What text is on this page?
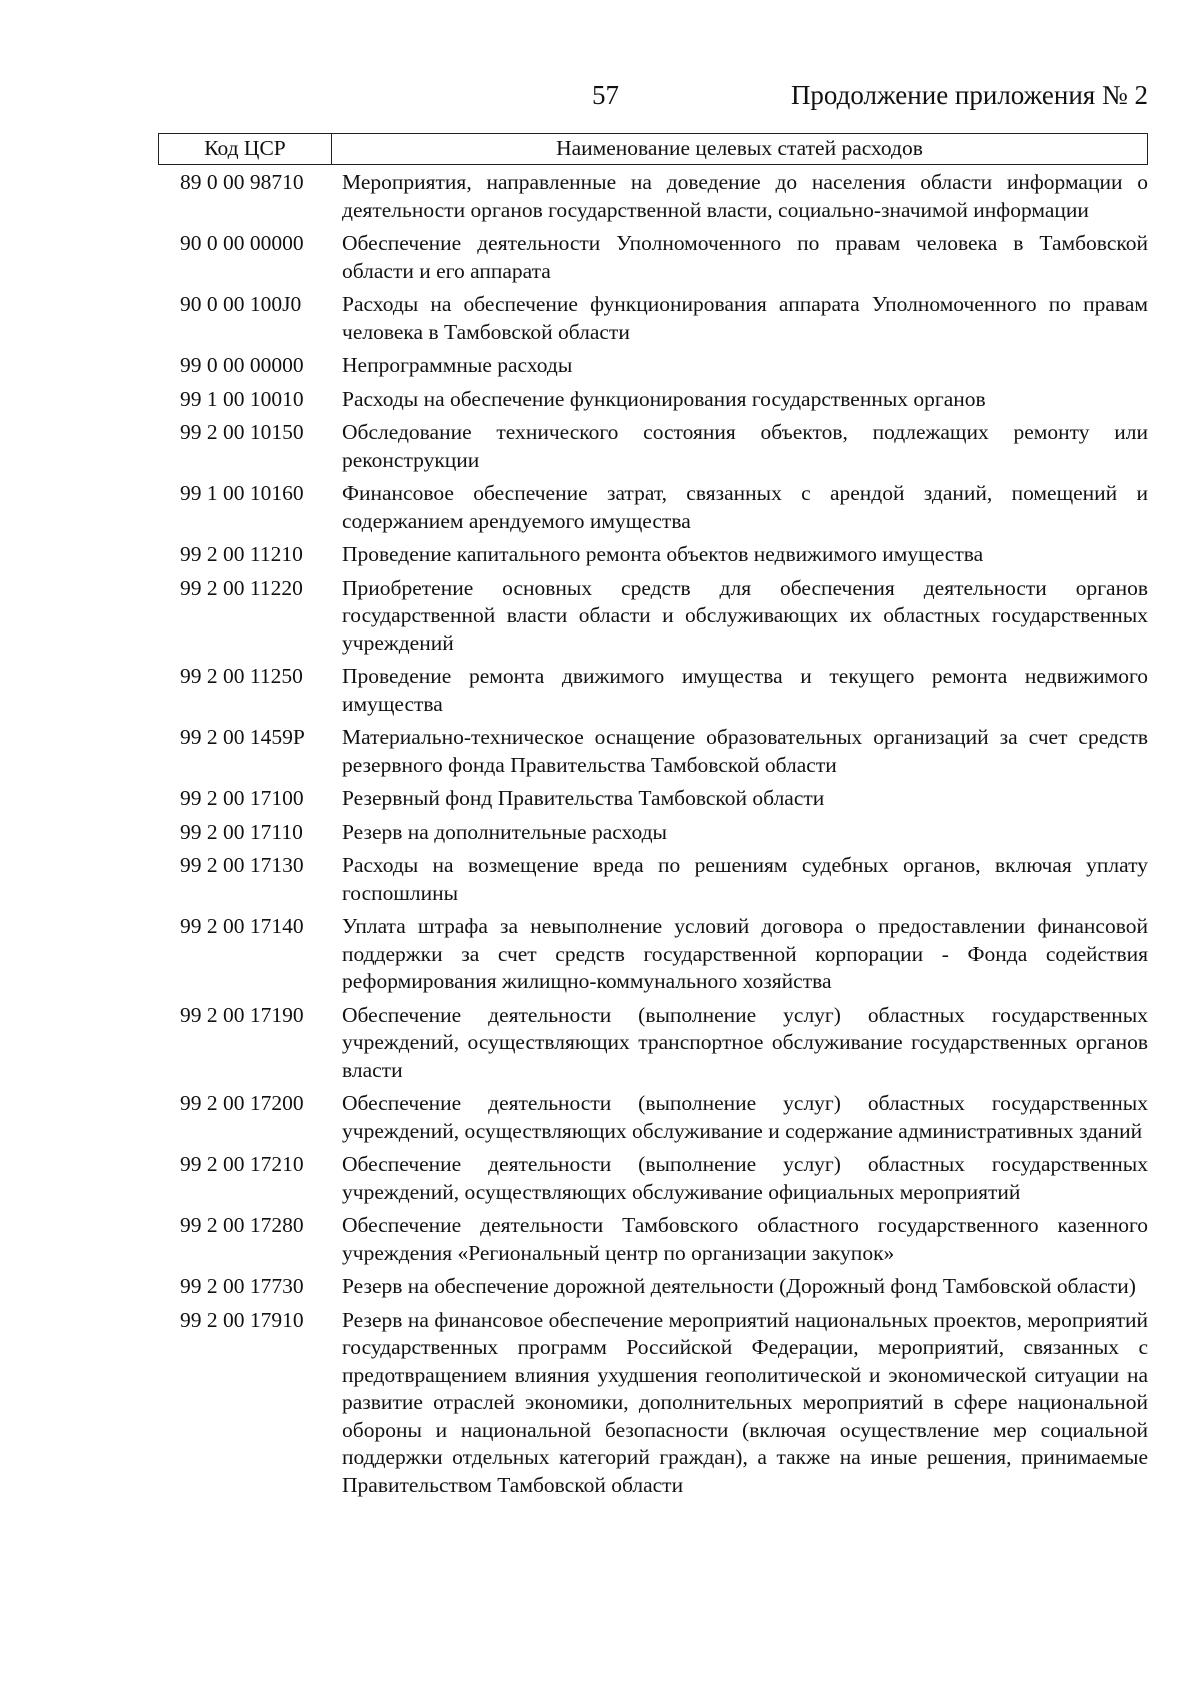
57	Продолжение приложения № 2
Код ЦСР	Наименование целевых статей расходов
89 0 00 98710	Мероприятия, направленные на доведение до населения области информации о деятельности органов государственной власти, социально-значимой информации
90 0 00 00000	Обеспечение деятельности Уполномоченного по правам человека в Тамбовской области и его аппарата
90 0 00 100J0	Расходы на обеспечение функционирования аппарата Уполномоченного по правам человека в Тамбовской области
99 0 00 00000	Непрограммные расходы
99 1 00 10010	Расходы на обеспечение функционирования государственных органов
99 2 00 10150	Обследование технического состояния объектов, подлежащих ремонту или реконструкции
99 1 00 10160	Финансовое обеспечение затрат, связанных с арендой зданий, помещений и содержанием арендуемого имущества
99 2 00 11210	Проведение капитального ремонта объектов недвижимого имущества
99 2 00 11220	Приобретение основных средств для обеспечения деятельности органов государственной власти области и обслуживающих их областных государственных учреждений
99 2 00 11250	Проведение ремонта движимого имущества и текущего ремонта недвижимого имущества
99 2 00 1459P	Материально-техническое оснащение образовательных организаций за счет средств резервного фонда Правительства Тамбовской области
99 2 00 17100	Резервный фонд Правительства Тамбовской области
99 2 00 17110	Резерв на дополнительные расходы
99 2 00 17130	Расходы на возмещение вреда по решениям судебных органов, включая уплату госпошлины
99 2 00 17140	Уплата штрафа за невыполнение условий договора о предоставлении финансовой поддержки за счет средств государственной корпорации - Фонда содействия реформирования жилищно-коммунального хозяйства
99 2 00 17190	Обеспечение деятельности (выполнение услуг) областных государственных учреждений, осуществляющих транспортное обслуживание государственных органов власти
99 2 00 17200	Обеспечение деятельности (выполнение услуг) областных государственных учреждений, осуществляющих обслуживание и содержание административных зданий
99 2 00 17210	Обеспечение деятельности (выполнение услуг) областных государственных учреждений, осуществляющих обслуживание официальных мероприятий
99 2 00 17280	Обеспечение деятельности Тамбовского областного государственного казенного учреждения «Региональный центр по организации закупок»
99 2 00 17730	Резерв на обеспечение дорожной деятельности (Дорожный фонд Тамбовской области)
99 2 00 17910	Резерв на финансовое обеспечение мероприятий национальных проектов, мероприятий государственных программ Российской Федерации, мероприятий, связанных с предотвращением влияния ухудшения геополитической и экономической ситуации на развитие отраслей экономики, дополнительных мероприятий в сфере национальной обороны и национальной безопасности (включая осуществление мер социальной поддержки отдельных категорий граждан), а также на иные решения, принимаемые Правительством Тамбовской области
